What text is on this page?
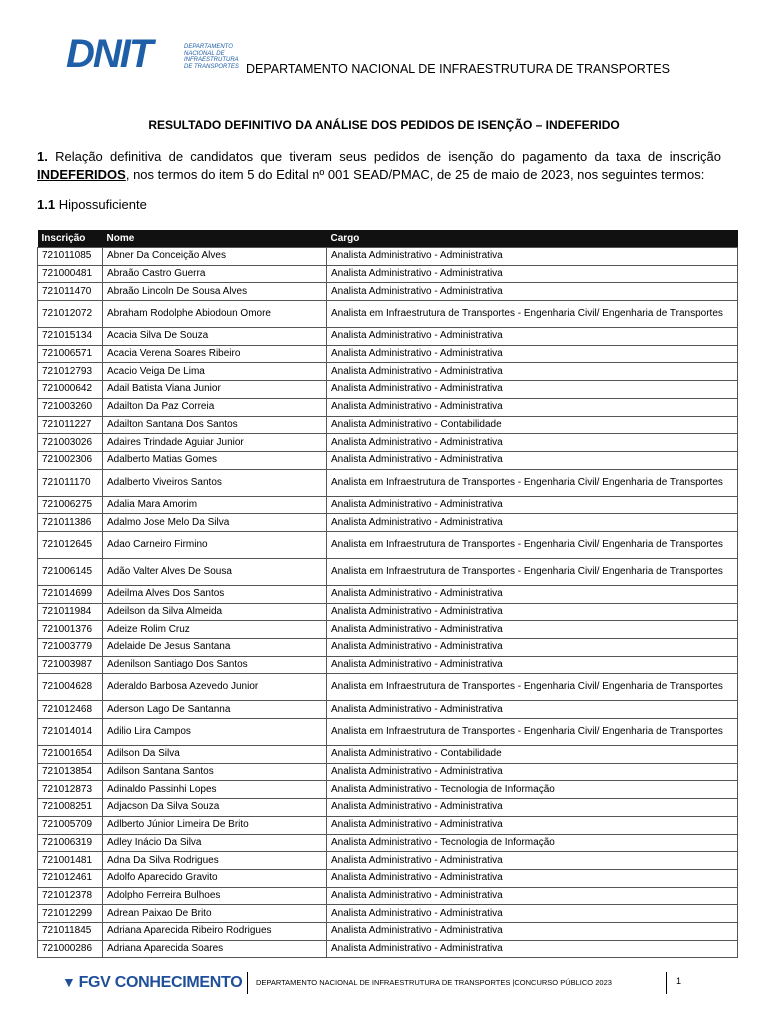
DNIT	DEPARTAMENTO
NACIONAL DE
INFRAESTRUTURA
DE TRANSPORTES DEPARTAMENTO NACIONAL DE INFRAESTRUTURA DE TRANSPORTES
RESULTADO DEFINITIVO DA ANÁLISE DOS PEDIDOS DE ISENÇÃO – INDEFERIDO
1. Relação definitiva de candidatos que tiveram seus pedidos de isenção do pagamento da taxa de inscrição INDEFERIDOS, nos termos do item 5 do Edital nº 001 SEAD/PMAC, de 25 de maio de 2023, nos seguintes termos:
1.1 Hipossuficiente
Inscrição	Nome	Cargo
721011085	Abner Da Conceição Alves	Analista Administrativo - Administrativa
721000481	Abraão Castro Guerra	Analista Administrativo - Administrativa
721011470	Abraão Lincoln De Sousa Alves	Analista Administrativo - Administrativa
721012072	Abraham Rodolphe Abiodoun Omore	Analista em Infraestrutura de Transportes - Engenharia Civil/ Engenharia de Transportes
721015134	Acacia Silva De Souza	Analista Administrativo - Administrativa
721006571	Acacia Verena Soares Ribeiro	Analista Administrativo - Administrativa
721012793	Acacio Veiga De Lima	Analista Administrativo - Administrativa
721000642	Adail Batista Viana Junior	Analista Administrativo - Administrativa
721003260	Adailton Da Paz Correia	Analista Administrativo - Administrativa
721011227	Adailton Santana Dos Santos	Analista Administrativo - Contabilidade
721003026	Adaires Trindade Aguiar Junior	Analista Administrativo - Administrativa
721002306	Adalberto Matias Gomes	Analista Administrativo - Administrativa
721011170	Adalberto Viveiros Santos	Analista em Infraestrutura de Transportes - Engenharia Civil/ Engenharia de Transportes
721006275	Adalia Mara Amorim	Analista Administrativo - Administrativa
721011386	Adalmo Jose Melo Da Silva	Analista Administrativo - Administrativa
721012645	Adao Carneiro Firmino	Analista em Infraestrutura de Transportes - Engenharia Civil/ Engenharia de Transportes
721006145	Adão Valter Alves De Sousa	Analista em Infraestrutura de Transportes - Engenharia Civil/ Engenharia de Transportes
721014699	Adeilma Alves Dos Santos	Analista Administrativo - Administrativa
721011984	Adeilson da Silva Almeida	Analista Administrativo - Administrativa
721001376	Adeize Rolim Cruz	Analista Administrativo - Administrativa
721003779	Adelaide De Jesus Santana	Analista Administrativo - Administrativa
721003987	Adenilson Santiago Dos Santos	Analista Administrativo - Administrativa
721004628	Aderaldo Barbosa Azevedo Junior	Analista em Infraestrutura de Transportes - Engenharia Civil/ Engenharia de Transportes
721012468	Aderson Lago De Santanna	Analista Administrativo - Administrativa
721014014	Adilio Lira Campos	Analista em Infraestrutura de Transportes - Engenharia Civil/ Engenharia de Transportes
721001654	Adilson Da Silva	Analista Administrativo - Contabilidade
721013854	Adilson Santana Santos	Analista Administrativo - Administrativa
721012873	Adinaldo Passinhi Lopes	Analista Administrativo - Tecnologia de Informação
721008251	Adjacson Da Silva Souza	Analista Administrativo - Administrativa
721005709	Adlberto Júnior Limeira De Brito	Analista Administrativo - Administrativa
721006319	Adley Inácio Da Silva	Analista Administrativo - Tecnologia de Informação
721001481	Adna Da Silva Rodrigues	Analista Administrativo - Administrativa
721012461	Adolfo Aparecido Gravito	Analista Administrativo - Administrativa
721012378	Adolpho Ferreira Bulhoes	Analista Administrativo - Administrativa
721012299	Adrean Paixao De Brito	Analista Administrativo - Administrativa
721011845	Adriana Aparecida Ribeiro Rodrigues	Analista Administrativo - Administrativa
721000286	Adriana Aparecida Soares	Analista Administrativo - Administrativa
▼ FGV CONHECIMENTO DEPARTAMENTO NACIONAL DE INFRAESTRUTURA DE TRANSPORTES |CONCURSO PÚBLICO 2023	1
